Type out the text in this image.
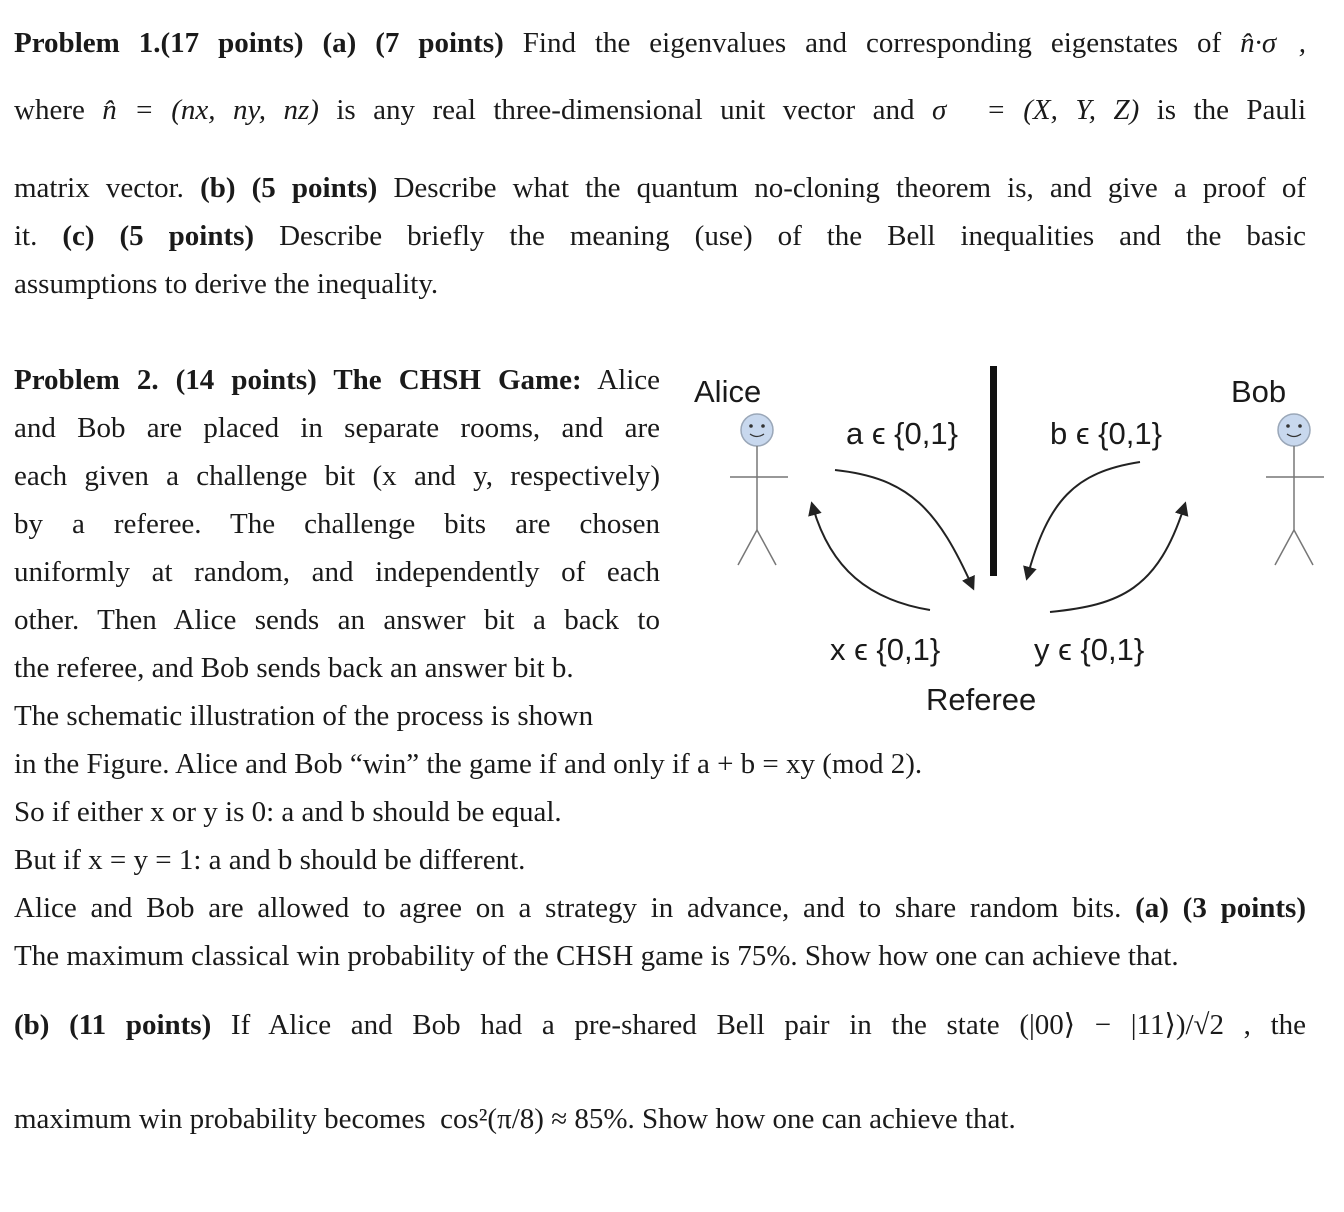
Problem 1.(17 points) (a) (7 points) Find the eigenvalues and corresponding eigenstates of n̂·σ⃗,

where n̂ = (nx, ny, nz) is any real three-dimensional unit vector and σ⃗ = (X, Y, Z) is the Pauli

matrix vector. (b) (5 points) Describe what the quantum no-cloning theorem is, and give a proof of

it. (c) (5 points) Describe briefly the meaning (use) of the Bell inequalities and the basic

assumptions to derive the inequality.

Problem 2. (14 points) The CHSH Game: Alice

and Bob are placed in separate rooms, and are

each given a challenge bit (x and y, respectively)

by a referee. The challenge bits are chosen

uniformly at random, and independently of each

other. Then Alice sends an answer bit a back to

the referee, and Bob sends back an answer bit b.

The schematic illustration of the process is shown

in the Figure. Alice and Bob “win” the game if and only if a + b = xy (mod 2).

So if either x or y is 0: a and b should be equal.

But if x = y = 1: a and b should be different.

Alice and Bob are allowed to agree on a strategy in advance, and to share random bits. (a) (3 points)

The maximum classical win probability of the CHSH game is 75%. Show how one can achieve that.

(b) (11 points) If Alice and Bob had a pre-shared Bell pair in the state (|00⟩ − |11⟩)/√2 , the

maximum win probability becomes cos²(π/8) ≈ 85%. Show how one can achieve that.

Alice	Bob
a ϵ {0,1}	b ϵ {0,1}
x ϵ {0,1}	y ϵ {0,1}
Referee
